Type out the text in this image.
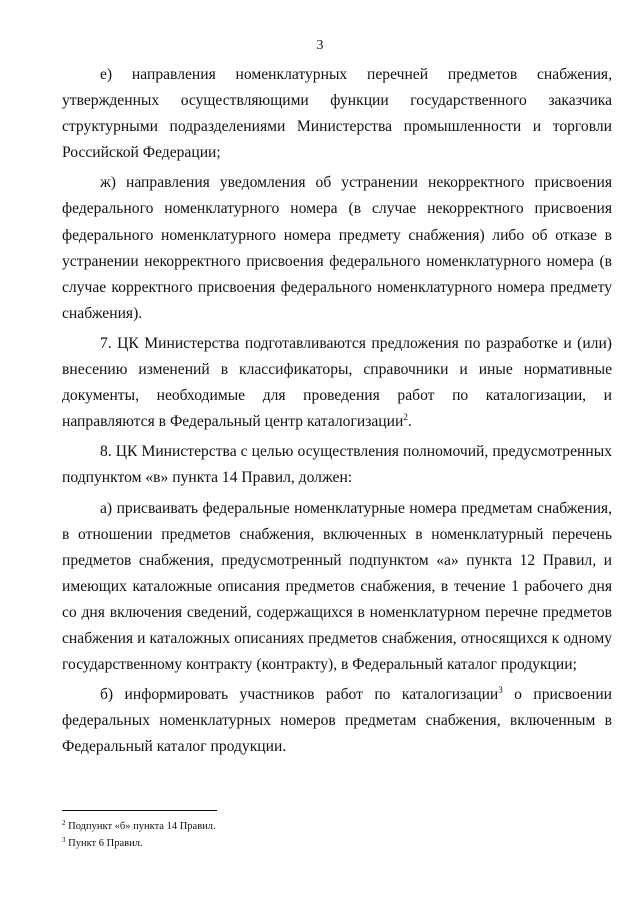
3

е) направления номенклатурных перечней предметов снабжения, утвержденных осуществляющими функции государственного заказчика структурными подразделениями Министерства промышленности и торговли Российской Федерации;

ж) направления уведомления об устранении некорректного присвоения федерального номенклатурного номера (в случае некорректного присвоения федерального номенклатурного номера предмету снабжения) либо об отказе в устранении некорректного присвоения федерального номенклатурного номера (в случае корректного присвоения федерального номенклатурного номера предмету снабжения).

7. ЦК Министерства подготавливаются предложения по разработке и (или) внесению изменений в классификаторы, справочники и иные нормативные документы, необходимые для проведения работ по каталогизации, и направляются в Федеральный центр каталогизации$^2$.

8. ЦК Министерства с целью осуществления полномочий, предусмотренных подпунктом «в» пункта 14 Правил, должен:

а) присваивать федеральные номенклатурные номера предметам снабжения, в отношении предметов снабжения, включенных в номенклатурный перечень предметов снабжения, предусмотренный подпунктом «а» пункта 12 Правил, и имеющих каталожные описания предметов снабжения, в течение 1 рабочего дня со дня включения сведений, содержащихся в номенклатурном перечне предметов снабжения и каталожных описаниях предметов снабжения, относящихся к одному государственному контракту (контракту), в Федеральный каталог продукции;

б) информировать участников работ по каталогизации$^3$ о присвоении федеральных номенклатурных номеров предметам снабжения, включенным в Федеральный каталог продукции.

$^2$ Подпункт «б» пункта 14 Правил.
$^3$ Пункт 6 Правил.
